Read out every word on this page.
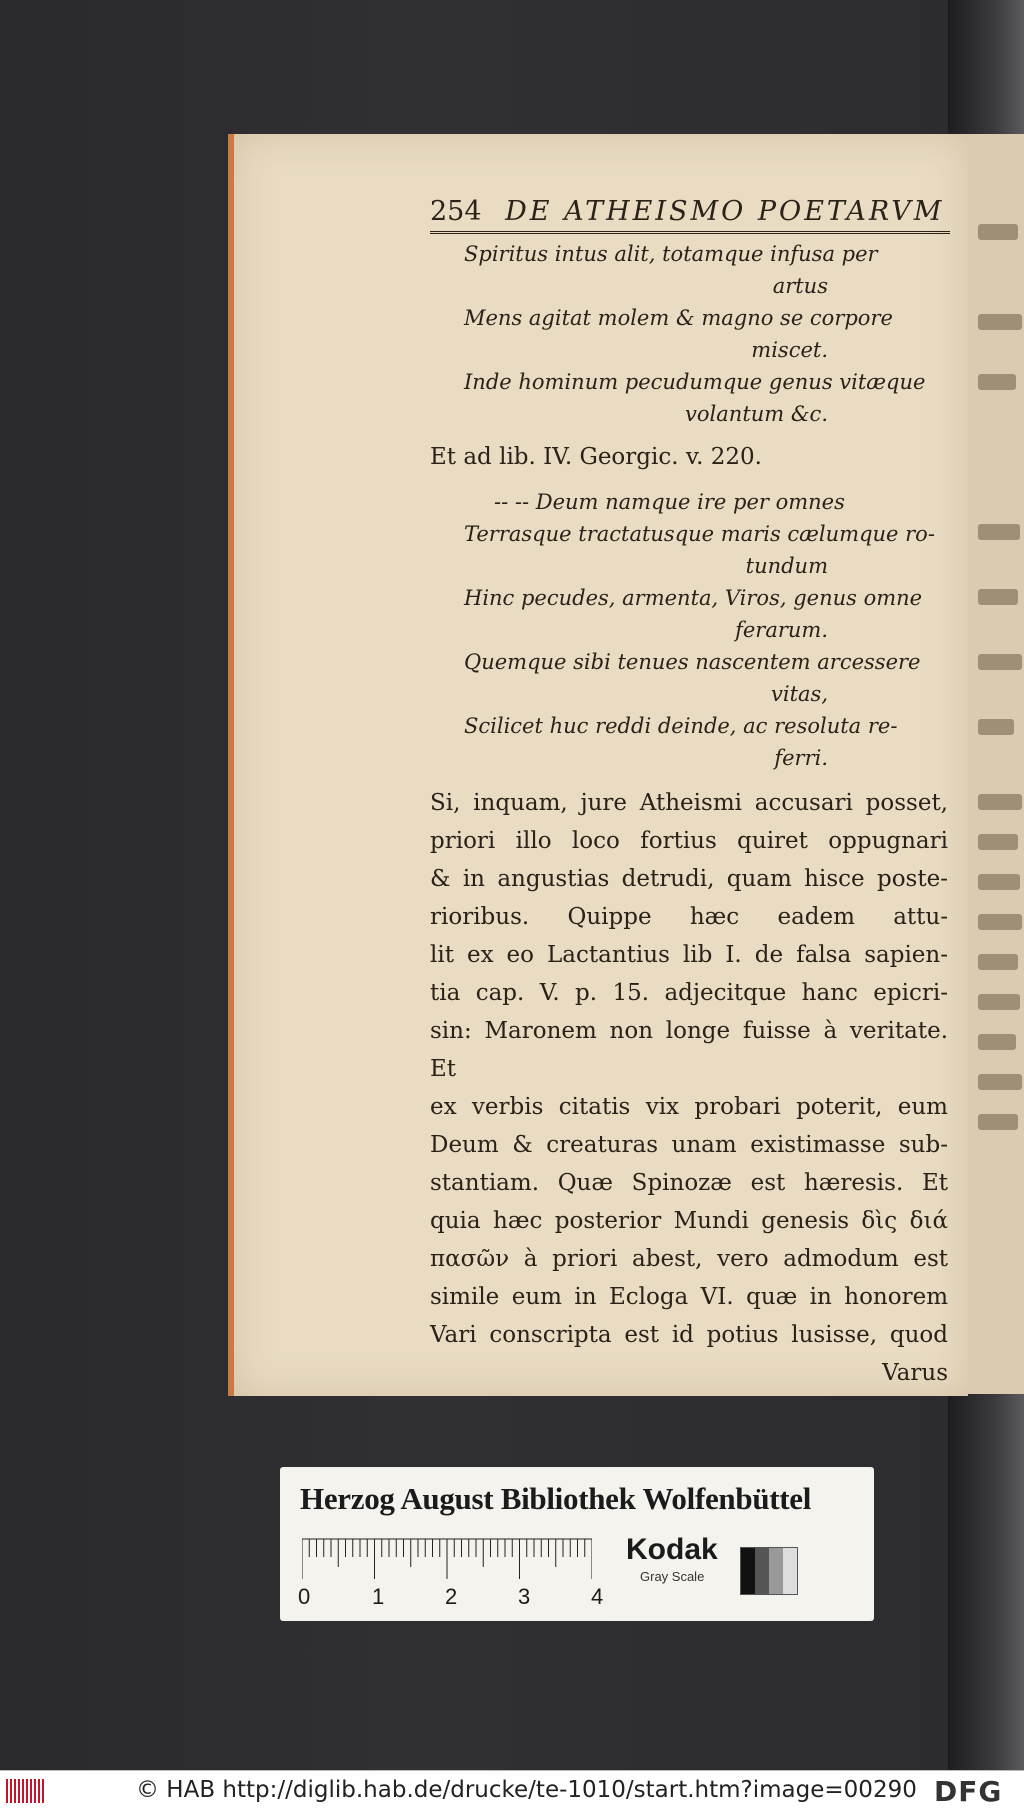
254 DE ATHEISMO POETARVM
Spiritus intus alit, totamque infusa per
artus
Mens agitat molem & magno se corpore
miscet.
Inde hominum pecudumque genus vitæque
volantum &c.
Et ad lib. IV. Georgic. v. 220.
-- -- Deum namque ire per omnes
Terrasque tractatusque maris cælumque ro-
tundum
Hinc pecudes, armenta, Viros, genus omne
ferarum.
Quemque sibi tenues nascentem arcessere
vitas,
Scilicet huc reddi deinde, ac resoluta re-
ferri.
Si, inquam, jure Atheismi accusari posset,
priori illo loco fortius quiret oppugnari
& in angustias detrudi, quam hisce poste-
rioribus. Quippe hæc eadem attu-
lit ex eo Lactantius lib I. de falsa sapien-
tia cap. V. p. 15. adjecitque hanc epicri-
sin: Maronem non longe fuisse à veritate. Et
ex verbis citatis vix probari poterit, eum
Deum & creaturas unam existimasse sub-
stantiam. Quæ Spinozæ est hæresis. Et
quia hæc posterior Mundi genesis δὶς διά
πασῶν à priori abest, vero admodum est
simile eum in Ecloga VI. quæ in honorem
Vari conscripta est id potius lusisse, quod
Varus
Herzog August Bibliothek Wolfenbüttel
0	1	2	3	4
Kodak
Gray Scale
© HAB http://diglib.hab.de/drucke/te-1010/start.htm?image=00290 DFG
